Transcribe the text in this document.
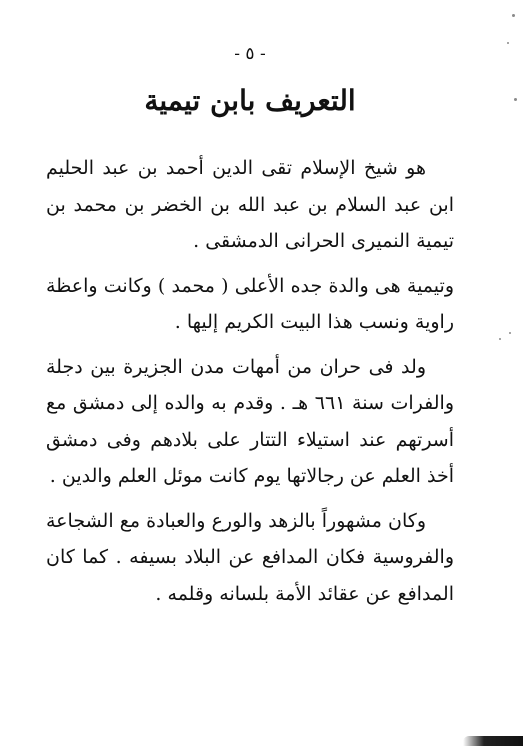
- ٥ -
التعريف بابن تيمية

هو شيخ الإسلام تقى الدين أحمد بن عبد الحليم ابن عبد السلام بن عبد الله بن الخضر بن محمد بن تيمية النميرى الحرانى الدمشقى .

وتيمية هى والدة جده الأعلى ( محمد ) وكانت واعظة راوية ونسب هذا البيت الكريم إليها .

ولد فى حران من أمهات مدن الجزيرة بين دجلة والفرات سنة ٦٦١ هـ . وقدم به والده إلى دمشق مع أسرتهم عند استيلاء التتار على بلادهم وفى دمشق أخذ العلم عن رجالاتها يوم كانت موئل العلم والدين .

وكان مشهوراً بالزهد والورع والعبادة مع الشجاعة والفروسية فكان المدافع عن البلاد بسيفه . كما كان المدافع عن عقائد الأمة بلسانه وقلمه .
